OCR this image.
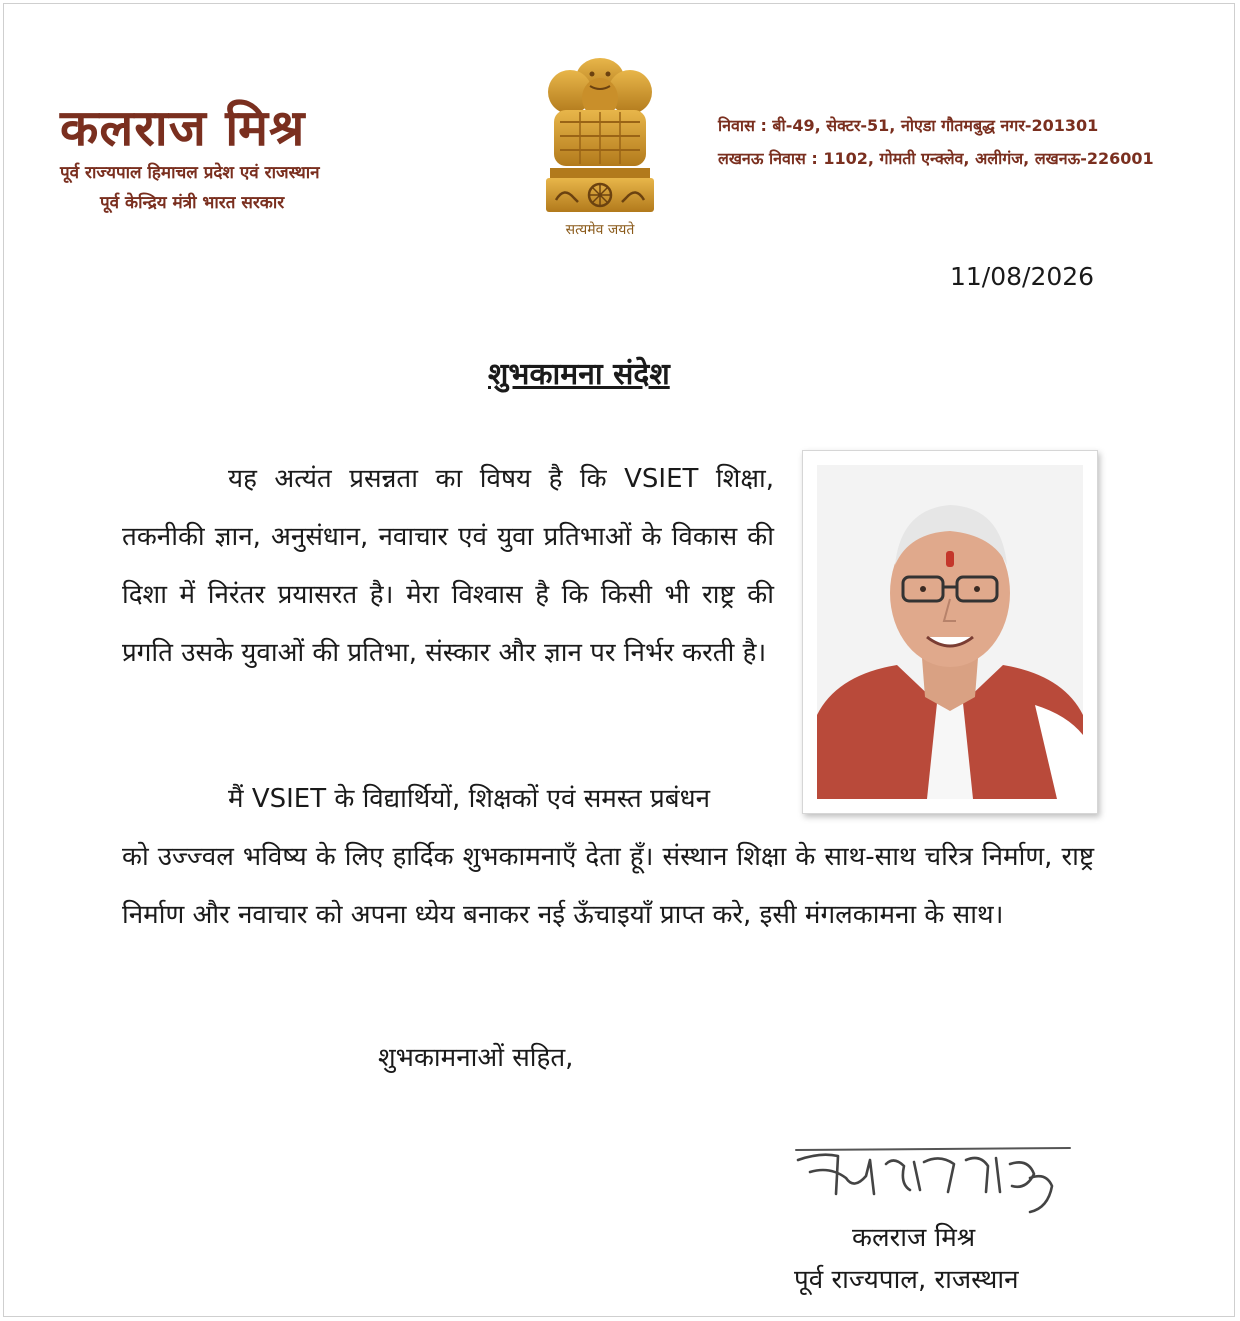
कलराज मिश्र
पूर्व राज्यपाल हिमाचल प्रदेश एवं राजस्थान
पूर्व केन्द्रिय मंत्री भारत सरकार
सत्यमेव जयते
निवास : बी-49, सेक्टर-51, नोएडा गौतमबुद्ध नगर-201301
लखनऊ निवास : 1102, गोमती एन्क्लेव, अलीगंज, लखनऊ-226001
11/08/2026
शुभकामना संदेश
यह अत्यंत प्रसन्नता का विषय है कि VSIET शिक्षा, तकनीकी ज्ञान, अनुसंधान, नवाचार एवं युवा प्रतिभाओं के विकास की दिशा में निरंतर प्रयासरत है। मेरा विश्वास है कि किसी भी राष्ट्र की प्रगति उसके युवाओं की प्रतिभा, संस्कार और ज्ञान पर निर्भर करती है।
मैं VSIET के विद्यार्थियों, शिक्षकों एवं समस्त प्रबंधन
को उज्ज्वल भविष्य के लिए हार्दिक शुभकामनाएँ देता हूँ। संस्थान शिक्षा के साथ-साथ चरित्र निर्माण, राष्ट्र निर्माण और नवाचार को अपना ध्येय बनाकर नई ऊँचाइयाँ प्राप्त करे, इसी मंगलकामना के साथ।
शुभकामनाओं सहित,
कलराज मिश्र
पूर्व राज्यपाल, राजस्थान
